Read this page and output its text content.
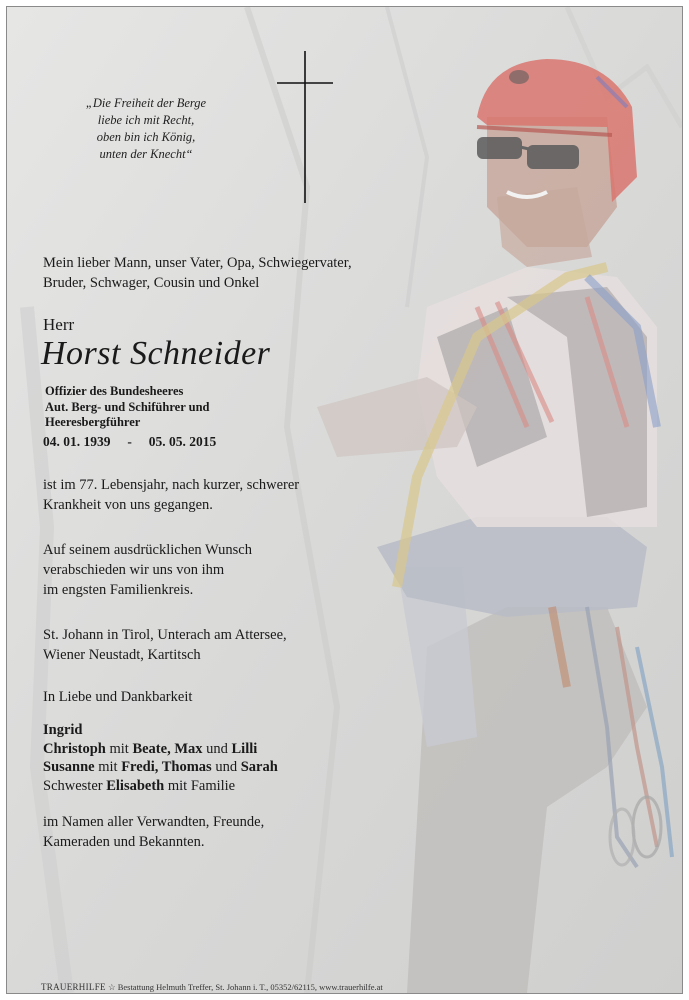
„Die Freiheit der Berge
liebe ich mit Recht,
oben bin ich König,
unten der Knecht“
Mein lieber Mann, unser Vater, Opa, Schwiegervater,
Bruder, Schwager, Cousin und Onkel
Herr
Horst Schneider
Offizier des Bundesheeres
Aut. Berg- und Schiführer und
Heeresbergführer
04. 01. 1939 - 05. 05. 2015
ist im 77. Lebensjahr, nach kurzer, schwerer
Krankheit von uns gegangen.
Auf seinem ausdrücklichen Wunsch
verabschieden wir uns von ihm
im engsten Familienkreis.
St. Johann in Tirol, Unterach am Attersee,
Wiener Neustadt, Kartitsch
In Liebe und Dankbarkeit
Ingrid
Christoph mit Beate, Max und Lilli
Susanne mit Fredi, Thomas und Sarah
Schwester Elisabeth mit Familie
im Namen aller Verwandten, Freunde,
Kameraden und Bekannten.
TRAUERHILFE ☆ Bestattung Helmuth Treffer, St. Johann i. T., 05352/62115, www.trauerhilfe.at
